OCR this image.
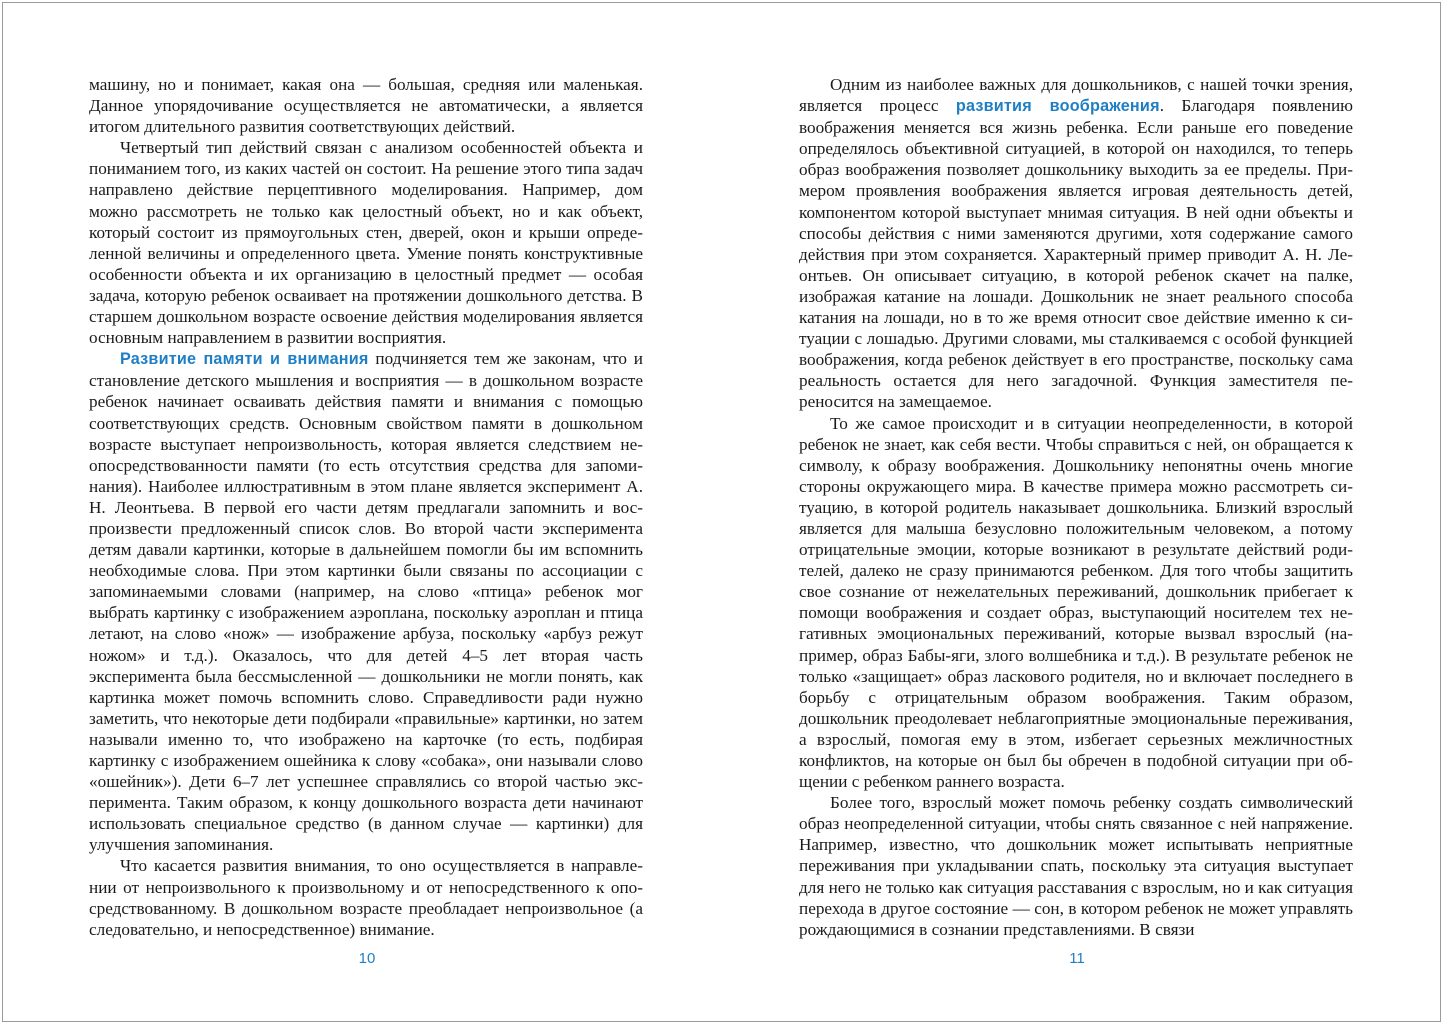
машину, но и понимает, какая она — большая, средняя или маленькая. Данное упорядочивание осуществляется не автоматически, а является итогом длительного развития соответствующих действий.

Четвертый тип действий связан с анализом особенностей объекта и пониманием того, из каких частей он состоит. На решение этого типа задач направлено действие перцептивного моделирования. Например, дом можно рассмотреть не только как целостный объект, но и как объект, который состоит из прямоугольных стен, дверей, окон и крыши определенной величины и определенного цвета. Умение понять конструктивные особенности объекта и их организацию в целостный предмет — особая задача, которую ребенок осваивает на протяжении дошкольного детства. В старшем дошкольном возрасте освоение действия моделирования является основным направлением в развитии восприятия.

Развитие памяти и внимания подчиняется тем же законам, что и становление детского мышления и восприятия — в дошкольном возрасте ребенок начинает осваивать действия памяти и внимания с помощью соответствующих средств. Основным свойством памяти в дошкольном возрасте выступает непроизвольность, которая является следствием неопосредствованности памяти (то есть отсутствия средства для запоминания). Наиболее иллюстративным в этом плане является эксперимент А. Н. Леонтьева. В первой его части детям предлагали запомнить и воспроизвести предложенный список слов. Во второй части эксперимента детям давали картинки, которые в дальнейшем помогли бы им вспомнить необходимые слова. При этом картинки были связаны по ассоциации с запоминаемыми словами (например, на слово «птица» ребенок мог выбрать картинку с изображением аэроплана, поскольку аэроплан и птица летают, на слово «нож» — изображение арбуза, поскольку «арбуз режут ножом» и т.д.). Оказалось, что для детей 4–5 лет вторая часть эксперимента была бессмысленной — дошкольники не могли понять, как картинка может помочь вспомнить слово. Справедливости ради нужно заметить, что некоторые дети подбирали «правильные» картинки, но затем называли именно то, что изображено на карточке (то есть, подбирая картинку с изображением ошейника к слову «собака», они называли слово «ошейник»). Дети 6–7 лет успешнее справлялись со второй частью эксперимента. Таким образом, к концу дошкольного возраста дети начинают использовать специальное средство (в данном случае — картинки) для улучшения запоминания.

Что касается развития внимания, то оно осуществляется в направлении от непроизвольного к произвольному и от непосредственного к опосредствованному. В дошкольном возрасте преобладает непроизвольное (а следовательно, и непосредственное) внимание.

Одним из наиболее важных для дошкольников, с нашей точки зрения, является процесс развития воображения. Благодаря появлению воображения меняется вся жизнь ребенка. Если раньше его поведение определялось объективной ситуацией, в которой он находился, то теперь образ воображения позволяет дошкольнику выходить за ее пределы. Примером проявления воображения является игровая деятельность детей, компонентом которой выступает мнимая ситуация. В ней одни объекты и способы действия с ними заменяются другими, хотя содержание самого действия при этом сохраняется. Характерный пример приводит А. Н. Леонтьев. Он описывает ситуацию, в которой ребенок скачет на палке, изображая катание на лошади. Дошкольник не знает реального способа катания на лошади, но в то же время относит свое действие именно к ситуации с лошадью. Другими словами, мы сталкиваемся с особой функцией воображения, когда ребенок действует в его пространстве, поскольку сама реальность остается для него загадочной. Функция заместителя переносится на замещаемое.

То же самое происходит и в ситуации неопределенности, в которой ребенок не знает, как себя вести. Чтобы справиться с ней, он обращается к символу, к образу воображения. Дошкольнику непонятны очень многие стороны окружающего мира. В качестве примера можно рассмотреть ситуацию, в которой родитель наказывает дошкольника. Близкий взрослый является для малыша безусловно положительным человеком, а потому отрицательные эмоции, которые возникают в результате действий родителей, далеко не сразу принимаются ребенком. Для того чтобы защитить свое сознание от нежелательных переживаний, дошкольник прибегает к помощи воображения и создает образ, выступающий носителем тех негативных эмоциональных переживаний, которые вызвал взрослый (например, образ Бабы-яги, злого волшебника и т.д.). В результате ребенок не только «защищает» образ ласкового родителя, но и включает последнего в борьбу с отрицательным образом воображения. Таким образом, дошкольник преодолевает неблагоприятные эмоциональные переживания, а взрослый, помогая ему в этом, избегает серьезных межличностных конфликтов, на которые он был бы обречен в подобной ситуации при общении с ребенком раннего возраста.

Более того, взрослый может помочь ребенку создать символический образ неопределенной ситуации, чтобы снять связанное с ней напряжение. Например, известно, что дошкольник может испытывать неприятные переживания при укладывании спать, поскольку эта ситуация выступает для него не только как ситуация расставания с взрослым, но и как ситуация перехода в другое состояние — сон, в котором ребенок не может управлять рождающимися в сознании представлениями. В связи

10	11
